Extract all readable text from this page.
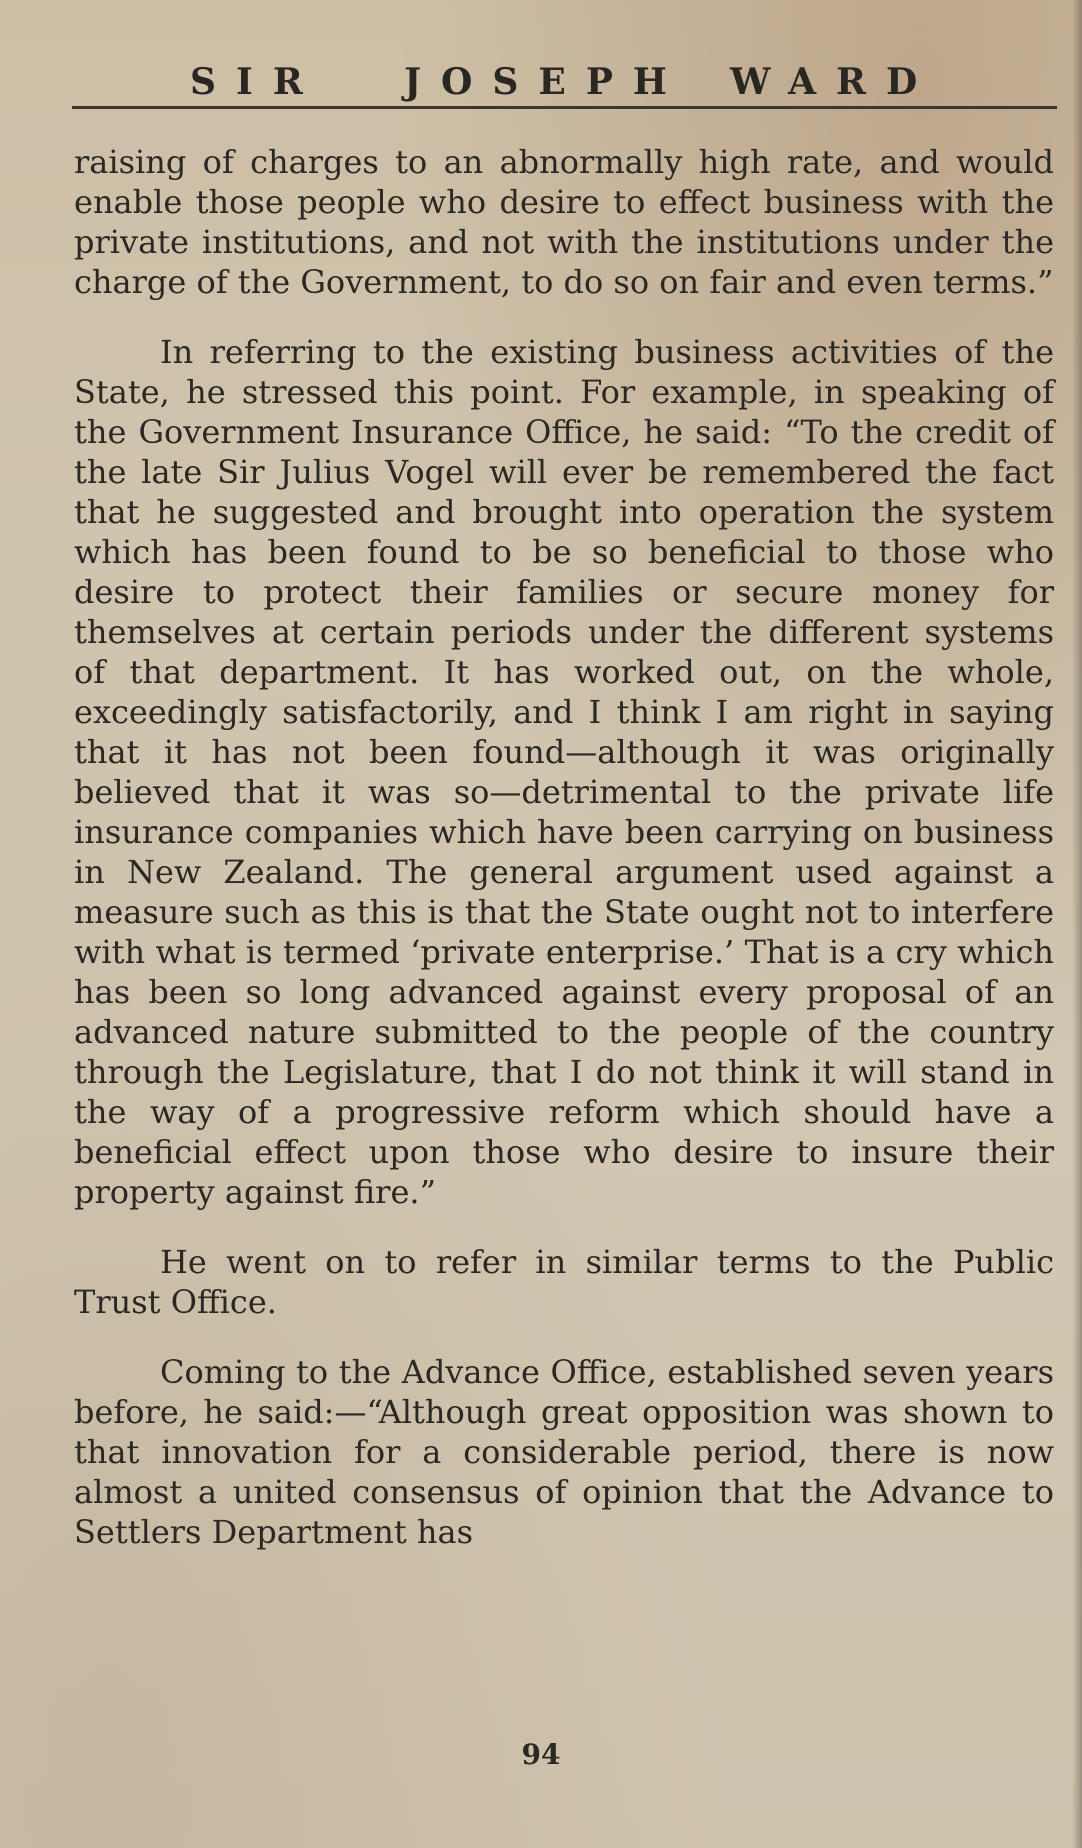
SIR JOSEPH WARD

raising of charges to an abnormally high rate, and would enable those people who desire to effect business with the private institutions, and not with the institutions under the charge of the Government, to do so on fair and even terms.”

In referring to the existing business activities of the State, he stressed this point. For example, in speaking of the Government Insurance Office, he said: “To the credit of the late Sir Julius Vogel will ever be remembered the fact that he suggested and brought into operation the system which has been found to be so beneficial to those who desire to protect their families or secure money for themselves at certain periods under the different systems of that department. It has worked out, on the whole, exceedingly satisfactorily, and I think I am right in saying that it has not been found—although it was originally believed that it was so—detrimental to the private life insurance companies which have been carrying on business in New Zealand. The general argument used against a measure such as this is that the State ought not to interfere with what is termed ‘private enterprise.’ That is a cry which has been so long advanced against every proposal of an advanced nature submitted to the people of the country through the Legislature, that I do not think it will stand in the way of a progressive reform which should have a beneficial effect upon those who desire to insure their property against fire.”

He went on to refer in similar terms to the Public Trust Office.

Coming to the Advance Office, established seven years before, he said:—“Although great opposition was shown to that innovation for a considerable period, there is now almost a united consensus of opinion that the Advance to Settlers Department has

94
